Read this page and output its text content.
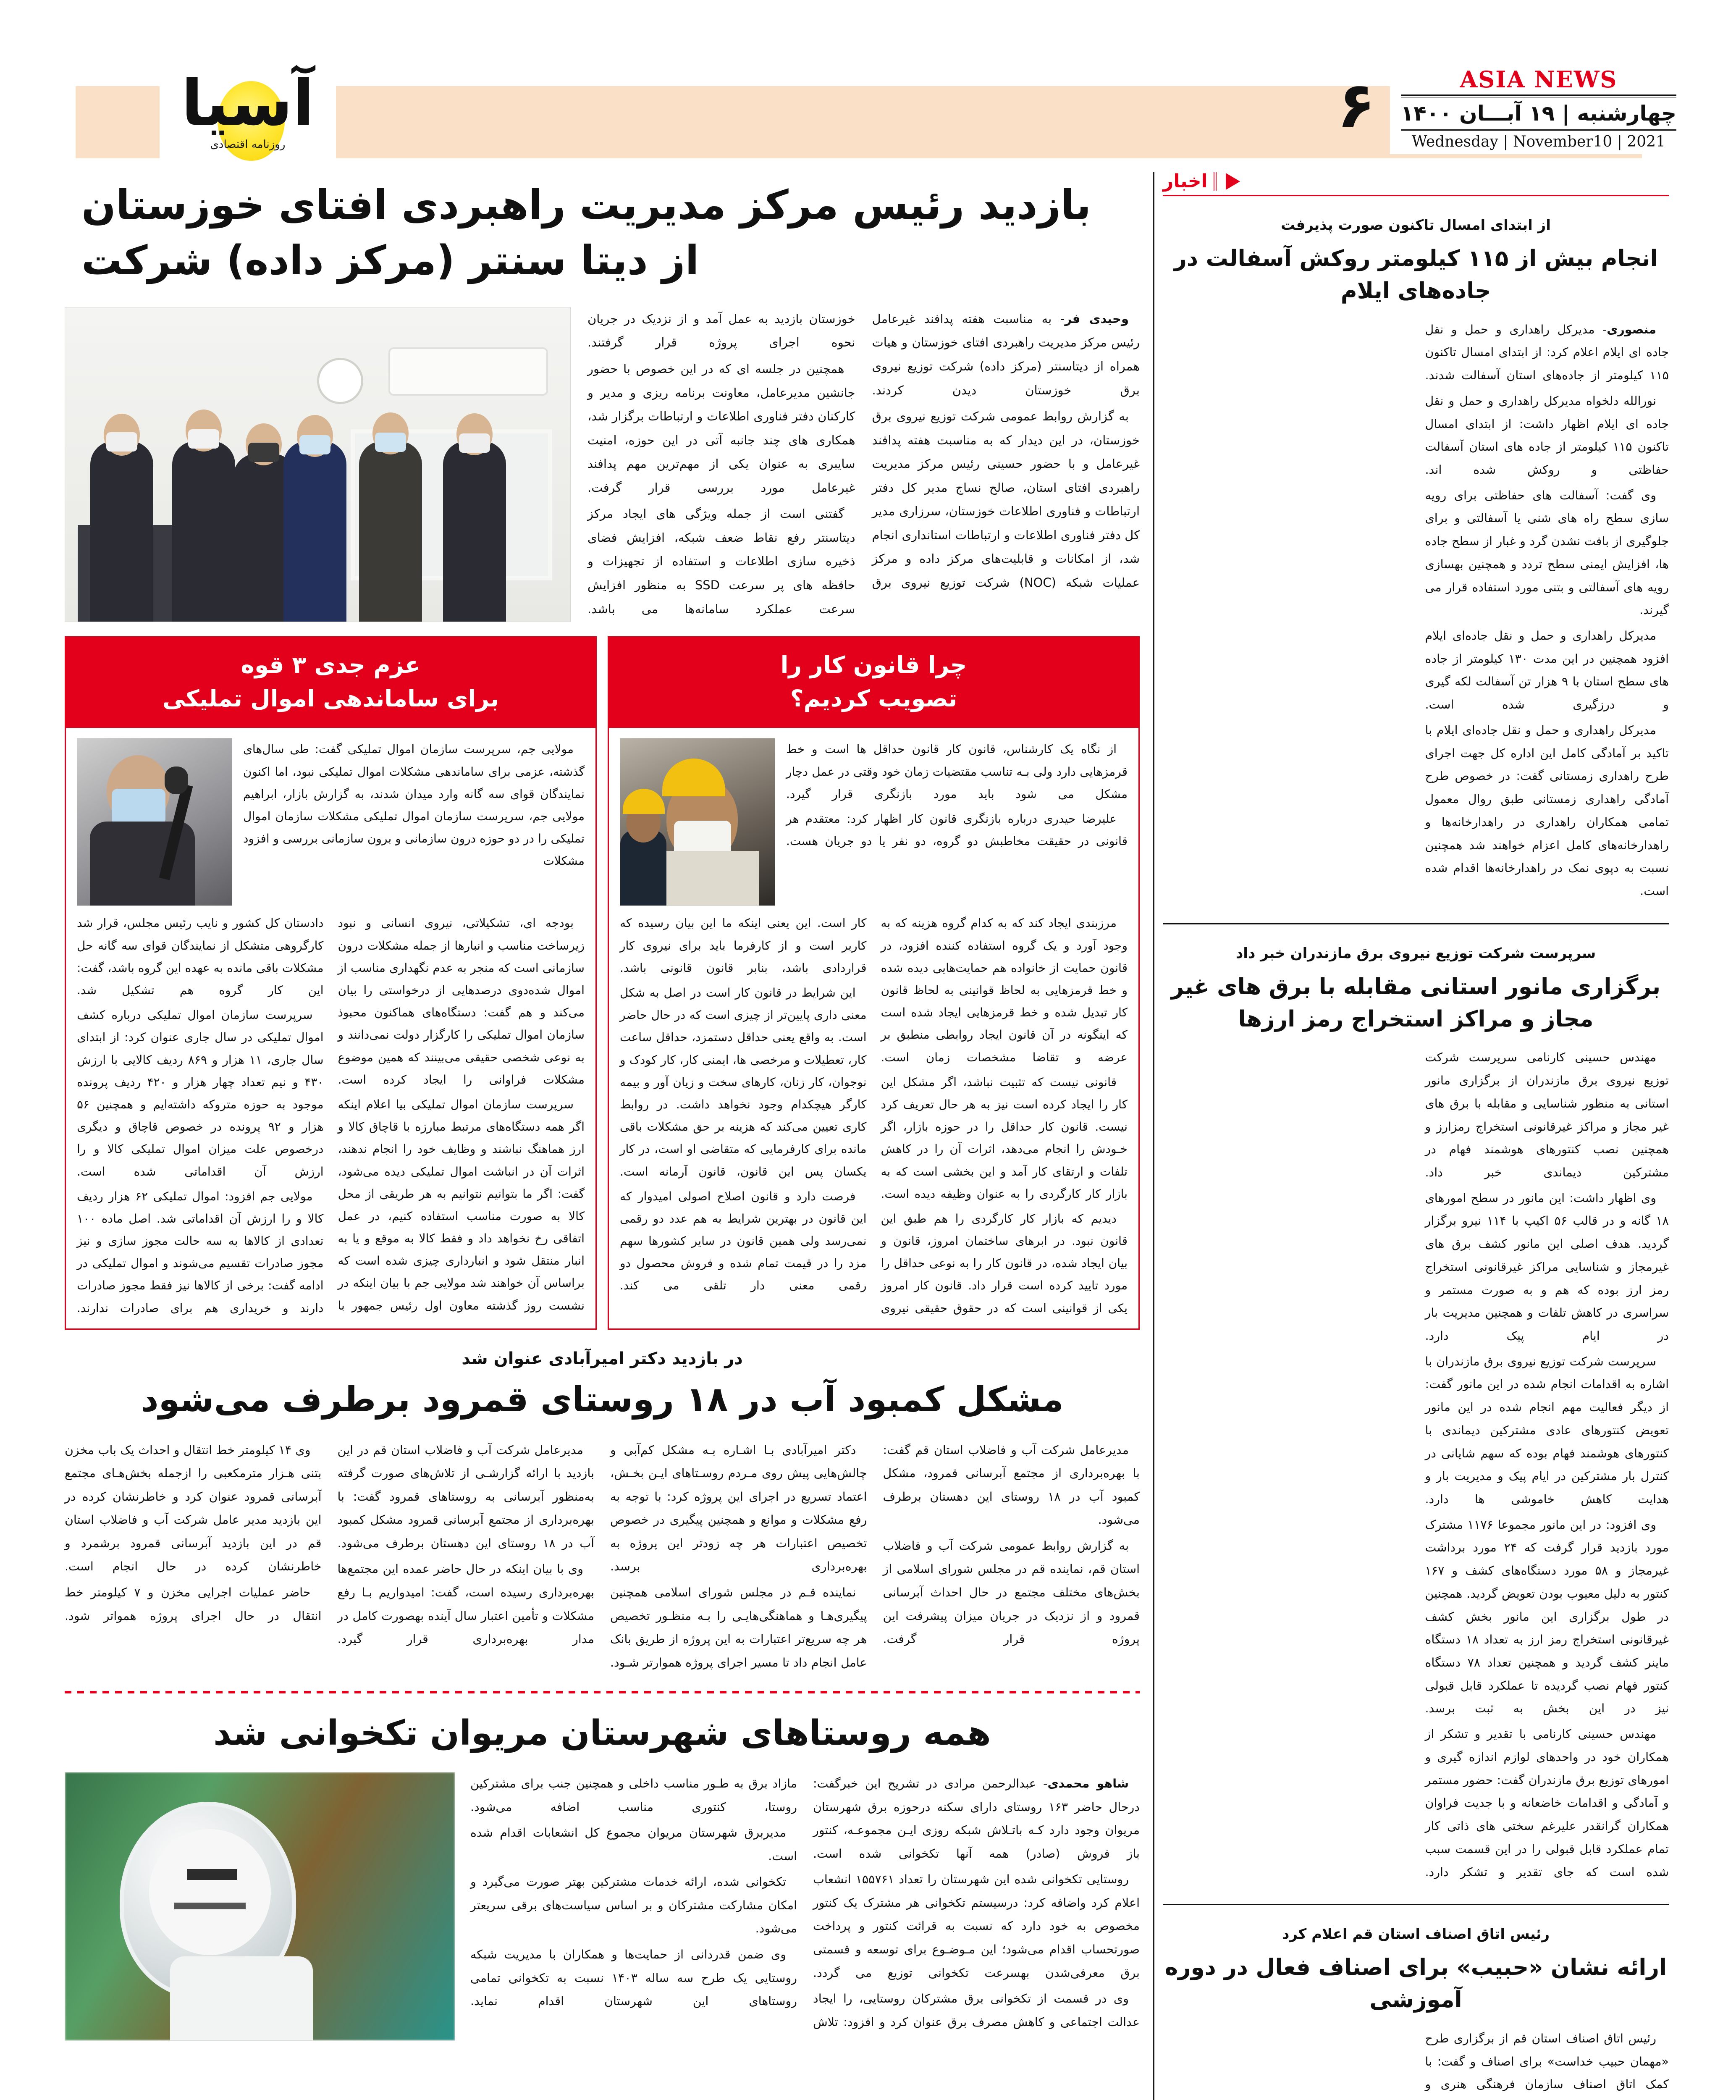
آسیا
روزنامه اقتصادی
۶	ASIA NEWS
چهارشنبه | ۱۹ آبـــان ۱۴۰۰
Wednesday | November10 | 2021
اخبار
از ابتدای امسال تاکنون صورت پذیرفت
انجام بیش از ۱۱۵ کیلومتر روکش آسفالت در جاده‌های ایلام

منصوری- مدیرکل راهداری و حمل و نقل جاده ای ایلام اعلام کرد: از ابتدای امسال تاکنون ۱۱۵ کیلومتر از جاده‌های استان آسفالت شدند.

نورالله دلخواه مدیرکل راهداری و حمل و نقل جاده ای ایلام اظهار داشت: از ابتدای امسال تاکنون ۱۱۵ کیلومتر از جاده های استان آسفالت حفاظتی و روکش شده اند.

وی گفت: آسفالت های حفاظتی برای رویه سازی سطح راه های شنی یا آسفالتی و برای جلوگیری از بافت نشدن گرد و غبار از سطح جاده ها، افزایش ایمنی سطح تردد و همچنین بهسازی رویه های آسفالتی و بتنی مورد استفاده قرار می گیرند.

مدیرکل راهداری و حمل و نقل جاده‌ای ایلام افزود همچنین در این مدت ۱۳۰ کیلومتر از جاده های سطح استان با ۹ هزار تن آسفالت لکه گیری و درزگیری شده است.

مدیرکل راهداری و حمل و نقل جاده‌ای ایلام با تاکید بر آمادگی کامل این اداره کل جهت اجرای طرح راهداری زمستانی گفت: در خصوص طرح آمادگی راهداری زمستانی طبق روال معمول تمامی همکاران راهداری در راهدارخانه‌ها و راهدارخانه‌های کامل اعزام خواهند شد همچنین نسبت به دپوی نمک در راهدارخانه‌ها اقدام شده است.

سرپرست شرکت توزیع نیروی برق مازندران خبر داد
برگزاری مانور استانی مقابله با برق های غیر مجاز و مراکز استخراج رمز ارزها

مهندس حسینی کارنامی سرپرست شرکت توزیع نیروی برق مازندران از برگزاری مانور استانی به منظور شناسایی و مقابله با برق های غیر مجاز و مراکز غیرقانونی استخراج رمزارز و همچنین نصب کنتورهای هوشمند فهام در مشترکین دیماندی خبر داد.

وی اظهار داشت: این مانور در سطح امورهای ۱۸ گانه و در قالب ۵۶ اکیپ با ۱۱۴ نیرو برگزار گردید. هدف اصلی این مانور کشف برق های غیرمجاز و شناسایی مراکز غیرقانونی استخراج رمز ارز بوده که هم و به صورت مستمر و سراسری در کاهش تلفات و همچنین مدیریت بار در ایام پیک دارد.

سرپرست شرکت توزیع نیروی برق مازندران با اشاره به اقدامات انجام شده در این مانور گفت: از دیگر فعالیت مهم انجام شده در این مانور تعویض کنتورهای عادی مشترکین دیماندی با کنتورهای هوشمند فهام بوده که سهم شایانی در کنترل بار مشترکین در ایام پیک و مدیریت بار و هدایت کاهش خاموشی ها دارد.

وی افزود: در این مانور مجموعا ۱۱۷۶ مشترک مورد بازدید قرار گرفت که ۲۴ مورد برداشت غیرمجاز و ۵۸ مورد دستگاه‌های کشف و ۱۶۷ کنتور به دلیل معیوب بودن تعویض گردید. همچنین در طول برگزاری این مانور بخش کشف غیرقانونی استخراج رمز ارز به تعداد ۱۸ دستگاه ماینر کشف گردید و همچنین تعداد ۷۸ دستگاه کنتور فهام نصب گردیده تا عملکرد قابل قبولی نیز در این بخش به ثبت برسد.

مهندس حسینی کارنامی با تقدیر و تشکر از همکاران خود در واحدهای لوازم اندازه گیری و امورهای توزیع برق مازندران گفت: حضور مستمر و آمادگی و اقدامات خاضعانه و با جدیت فراوان همکاران گرانقدر علیرغم سختی های ذاتی کار تمام عملکرد قابل قبولی را در این قسمت سبب شده است که جای تقدیر و تشکر دارد.

رئیس اتاق اصناف استان قم اعلام کرد
ارائه نشان «حبیب» برای اصناف فعال در دوره آموزشی

رئیس اتاق اصناف استان قم از برگزاری طرح «مهمان حبیب خداست» برای اصناف و گفت: با کمک اتاق اصناف سازمان فرهنگی هنری و

بازدید رئیس مرکز مدیریت راهبردی افتای خوزستان
از دیتا سنتر (مرکز داده) شرکت

وحیدی فر- به مناسبت هفته پدافند غیرعامل رئیس مرکز مدیریت راهبردی افتای خوزستان و هیات همراه از دیتاسنتر (مرکز داده) شرکت توزیع نیروی برق خوزستان دیدن کردند.

به گزارش روابط عمومی شرکت توزیع نیروی برق خوزستان، در این دیدار که به مناسبت هفته پدافند غیرعامل و با حضور حسینی رئیس مرکز مدیریت راهبردی افتای استان، صالح نساج مدیر کل دفتر ارتباطات و فناوری اطلاعات خوزستان، سرزاری مدیر کل دفتر فناوری اطلاعات و ارتباطات استانداری انجام شد، از امکانات و قابلیت‌های مرکز داده و مرکز عملیات شبکه (NOC) شرکت توزیع نیروی برق خوزستان بازدید به عمل آمد و از نزدیک در جریان نحوه اجرای پروژه قرار گرفتند.

همچنین در جلسه ای که در این خصوص با حضور جانشین مدیرعامل، معاونت برنامه ریزی و مدیر و کارکنان دفتر فناوری اطلاعات و ارتباطات برگزار شد، همکاری های چند جانبه آتی در این حوزه، امنیت سایبری به عنوان یکی از مهم‌ترین مهم پدافند غیرعامل مورد بررسی قرار گرفت.

گفتنی است از جمله ویژگی های ایجاد مرکز دیتاسنتر رفع نقاط ضعف شبکه، افزایش فضای ذخیره سازی اطلاعات و استفاده از تجهیزات و حافظه های پر سرعت SSD به منظور افزایش سرعت عملکرد سامانه‌ها می باشد.

عزم جدی ۳ قوه
برای ساماندهی اموال تملیکی

مولایی جم، سرپرست سازمان اموال تملیکی گفت: طی سال‌های گذشته، عزمی برای ساماندهی مشکلات اموال تملیکی نبود، اما اکنون نمایندگان قوای سه گانه وارد میدان شدند، به گزارش بازار، ابراهیم مولایی جم، سرپرست سازمان اموال تملیکی مشکلات سازمان اموال تملیکی را در دو حوزه درون سازمانی و برون سازمانی بررسی و افزود مشکلات

بودجه ای، تشکیلاتی، نیروی انسانی و نبود زیرساخت مناسب و انبارها از جمله مشکلات درون سازمانی است که منجر به عدم نگهداری مناسب از اموال شده‌دوی درصدهایی از درخواستی را بیان می‌کند و هم گفت: دستگاه‌های هماکنون محبوذ سازمان اموال تملیکی را کارگزار دولت نمی‌دانند و به نوعی شخصی حقیقی می‌بینند که همین موضوع مشکلات فراوانی را ایجاد کرده است.

سرپرست سازمان اموال تملیکی بیا اعلام اینکه اگر همه دستگاه‌های مرتبط مبارزه با قاچاق کالا و ارز هماهنگ نباشند و وظایف خود را انجام ندهند، اثرات آن در انباشت اموال تملیکی دیده می‌شود، گفت: اگر ما بتوانیم نتوانیم به هر طریقی از محل کالا به صورت مناسب استفاده کنیم، در عمل اتفاقی رخ نخواهد داد و فقط کالا به موقع و یا به انبار منتقل شود و انبارداری چیزی شده است که براساس آن خواهند شد مولایی جم با بیان اینکه در نشست روز گذشته معاون اول رئیس جمهور با دادستان کل کشور و نایب رئیس مجلس، قرار شد کارگروهی متشکل از نمایندگان قوای سه گانه حل مشکلات باقی مانده به عهده این گروه باشد، گفت: این کار گروه هم تشکیل شد.

سرپرست سازمان اموال تملیکی درباره کشف اموال تملیکی در سال جاری عنوان کرد: از ابتدای سال جاری، ۱۱ هزار و ۸۶۹ ردیف کالایی با ارزش ۴۳۰ و نیم تعداد چهار هزار و ۴۲۰ ردیف پرونده موجود به حوزه متروکه داشته‌ایم و همچنین ۵۶ هزار و ۹۲ پرونده در خصوص قاچاق و دیگری درخصوص علت میزان اموال تملیکی کالا و را ارزش آن اقداماتی شده است.

مولایی جم افزود: اموال تملیکی ۶۲ هزار ردیف کالا و را ارزش آن اقداماتی شد. اصل ماده ۱۰۰ تعدادی از کالاها به سه حالت مجوز سازی و نیز مجوز صادرات تقسیم می‌شوند و اموال تملیکی در ادامه گفت: برخی از کالاها نیز فقط مجوز صادرات دارند و خریداری هم برای صادرات ندارند.

چرا قانون کار را
تصویب کردیم؟

از نگاه یک کارشناس، قانون کار قانون حداقل ها است و خط قرمزهایی دارد ولی بـه تناسب مقتضیات زمان خود وقتی در عمل دچار مشکل می شود باید مورد بازنگری قرار گیرد.

علیرضا حیدری درباره بازنگری قانون کار اظهار کرد: معتقدم هر قانونی در حقیقت مخاطبش دو گروه، دو نفر یا دو جریان هست.

مرزبندی ایجاد کند که به کدام گروه هزینه که به وجود آورد و یک گروه استفاده کننده افزود، در قانون حمایت از خانواده هم حمایت‌هایی دیده شده و خط قرمزهایی به لحاظ قوانینی به لحاظ قانون کار تبدیل شده و خط قرمزهایی ایجاد شده است که اینگونه در آن قانون ایجاد روابطی منطبق بر عرضه و تقاضا مشخصات زمان است.

قانونی نیست که تثبیت نباشد، اگر مشکل این کار را ایجاد کرده است نیز به هر حال تعریف کرد نیست. قانون کار حداقل را در حوزه بازار، اگر خـودش را انجام می‌دهد، اثرات آن را در کاهش تلفات و ارتقای کار آمد و این بخشی است که به بازار کار کارگردی را به عنوان وظیفه دیده است.

دیدیم که بازار کار کارگردی را هم طبق این قانون نبود. در ابرهای ساختمان امروز، قانون و بیان ایجاد شده، در قانون کار را به نوعی حداقل را مورد تایید کرده است قرار داد. قانون کار امروز یکی از قوانینی است که در حقوق حقیقی نیروی کار است. این یعنی اینکه ما این بیان رسیده که کاربر است و از کارفرما باید برای نیروی کار قراردادی باشد، بنابر قانون قانونی باشد.

این شرایط در قانون کار است در اصل به شکل معنی داری پایین‌تر از چیزی است که در حال حاضر است. به واقع یعنی حداقل دستمزد، حداقل ساعت کار، تعطیلات و مرخصی ها، ایمنی کار، کار کودک و نوجوان، کار زنان، کارهای سخت و زیان آور و بیمه کارگر هیچکدام وجود نخواهد داشت. در روابط کاری تعیین می‌کند که هزینه بر حق مشکلات باقی مانده برای کارفرمایی که متقاضی او است، در کار یکسان پس این قانون، قانون آرمانه است.

فرصت دارد و قانون اصلاح اصولی امیدوار که این قانون در بهترین شرایط به هم عدد دو رقمی نمی‌رسد ولی همین قانون در سایر کشورها سهم مزد را در قیمت تمام شده و فروش محصول دو رقمی معنی دار تلقی می کند.

در بازدید دکتر امیرآبادی عنوان شد
مشکل کمبود آب در ۱۸ روستای قمرود برطرف می‌شود

مدیرعامل شرکت آب و فاضلاب استان قم گفت: با بهره‌برداری از مجتمع آبرسانی قمرود، مشکل کمبود آب در ۱۸ روستای این دهستان برطرف می‌شود.

به گزارش روابط عمومی شرکت آب و فاضلاب استان قم، نماینده قم در مجلس شورای اسلامی از بخش‌های مختلف مجتمع در حال احداث آبرسانی قمرود و از نزدیک در جریان میزان پیشرفت این پروژه قرار گرفت.

دکتر امیرآبادی بـا اشـاره بـه مشکل کم‌آبی و چالش‌هایی پیش روی مـردم روسـتاهای ایـن بخـش، اعتماد تسریع در اجرای این پروژه کرد: با توجه به رفع مشکلات و موانع و همچنین پیگیری در خصوص تخصیص اعتبارات هر چه زودتر این پروژه به بهره‌برداری برسد.

نماینده قـم در مجلس شورای اسلامی همچنین پیگیری‌هـا و هماهنگی‌هایـی را بـه منظـور تخصیص هر چه سریع‌تر اعتبارات به این پروژه از طریق بانک عامل انجام داد تا مسیر اجرای پروژه هموارتر شـود.

مدیرعامل شرکت آب و فاضلاب استان قم در این بازدید با ارائه گزارشـی از تلاش‌های صورت گرفته به‌منظور آبرسانی به روستاهای قمرود گفت: با بهره‌برداری از مجتمع آبرسانی قمرود مشکل کمبود آب در ۱۸ روستای این دهستان برطرف می‌شود.

وی با بیان اینکه در حال حاضر عمده این مجتمع‌ها بهره‌برداری رسیده است، گفت: امیدواریم بـا رفع مشکلات و تأمین اعتبار سال آینده بهصورت کامل در مدار بهره‌برداری قرار گیرد.

وی ۱۴ کیلومتر خط انتقال و احداث یک باب مخزن بتنی هـزار مترمکعبی را ازجمله بخش‌هـای مجتمع آبرسانی قمرود عنوان کرد و خاطرنشان کرده در این بازدید مدیر عامل شرکت آب و فاضلاب استان قم در این بازدید آبرسانی قمرود برشمرد و خاطرنشان کرده در حال انجام است.

حاضر عملیات اجرایی مخزن و ۷ کیلومتر خط انتقال در حال اجرای پروژه همواتر شود.

همه روستاهای شهرستان مریوان تکخوانی شد

شاهو محمدی- عبدالرحمن مرادی در تشریح این خبرگفت: درحال حاضر ۱۶۳ روستای دارای سکنه درحوزه برق شهرستان مریوان وجود دارد کـه باتـلاش شبکه روزی ایـن مجموعـه، کنتور باز فروش (صادر) همه آنها تکخوانی شده است.

روستایی تکخوانی شده این شهرستان را تعداد ۱۵۵۷۶۱ انشعاب اعلام کرد واضافه کرد: درسیستم تکخوانی هر مشترک یک کنتور مخصوص به خود دارد که نسبت به قرائت کنتور و پرداخت صورتحساب اقدام می‌شود؛ این مـوضـوع برای توسعه و قسمتی برق معرفی‌شدن بهسرعت تکخوانی توزیع می گردد.

وی در قسمت از تکخوانی برق مشترکان روستایی، را ایجاد عدالت اجتماعی و کاهش مصرف برق عنوان کرد و افزود: تلاش مازاد برق به طـور مناسب داخلی و همچنین جنب برای مشترکین روستا، کنتوری مناسب اضافه می‌شود.

مدیربرق شهرستان مریوان مجموع کل انشعابات اقدام شده است.

تکخوانی شده، ارائه خدمات مشترکین بهتر صورت می‌گیرد و امکان مشارکت مشترکان و بر اساس سیاست‌های برقی سریعتر می‌شود.

وی ضمن قدردانی از حمایت‌ها و همکاران با مدیریت شبکه روستایی یک طرح سه ساله ۱۴۰۳ نسبت به تکخوانی تمامی روستاهای این شهرستان اقدام نماید.
